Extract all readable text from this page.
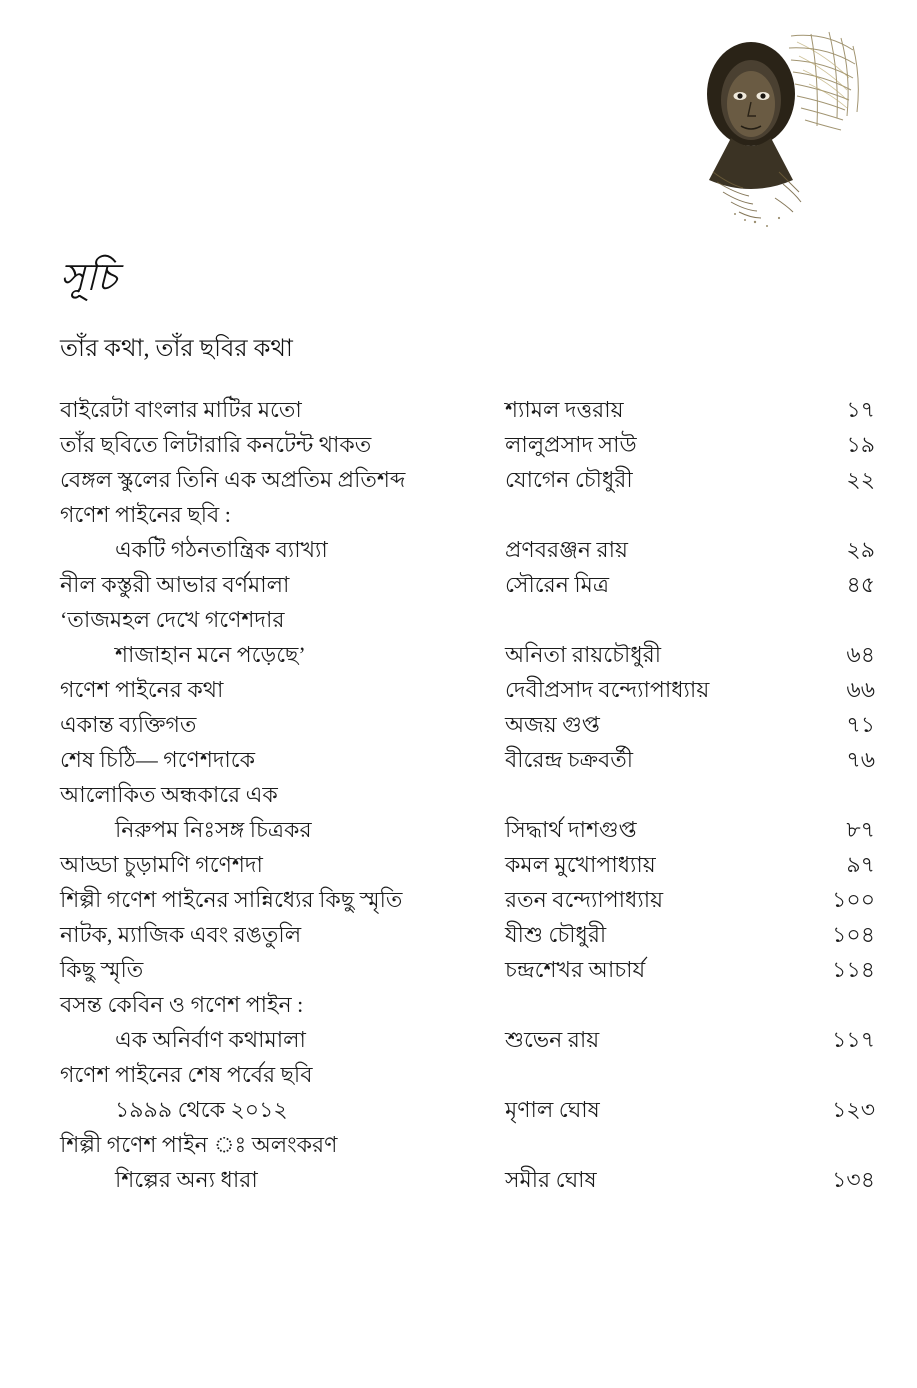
সূচি
তাঁর কথা, তাঁর ছবির কথা
বাইরেটা বাংলার মাটির মতো	শ্যামল দত্তরায়	১৭
তাঁর ছবিতে লিটারারি কনটেন্ট থাকত	লালুপ্রসাদ সাউ	১৯
বেঙ্গল স্কুলের তিনি এক অপ্রতিম প্রতিশব্দ	যোগেন চৌধুরী	২২
গণেশ পাইনের ছবি :
একটি গঠনতান্ত্রিক ব্যাখ্যা	প্রণবরঞ্জন রায়	২৯
নীল কস্তুরী আভার বর্ণমালা	সৌরেন মিত্র	৪৫
‘তাজমহল দেখে গণেশদার
শাজাহান মনে পড়েছে’	অনিতা রায়চৌধুরী	৬৪
গণেশ পাইনের কথা	দেবীপ্রসাদ বন্দ্যোপাধ্যায়	৬৬
একান্ত ব্যক্তিগত	অজয় গুপ্ত	৭১
শেষ চিঠি— গণেশদাকে	বীরেন্দ্র চক্রবর্তী	৭৬
আলোকিত অন্ধকারে এক
নিরুপম নিঃসঙ্গ চিত্রকর	সিদ্ধার্থ দাশগুপ্ত	৮৭
আড্ডা চুড়ামণি গণেশদা	কমল মুখোপাধ্যায়	৯৭
শিল্পী গণেশ পাইনের সান্নিধ্যের কিছু স্মৃতি	রতন বন্দ্যোপাধ্যায়	১০০
নাটক, ম্যাজিক এবং রঙতুলি	যীশু চৌধুরী	১০৪
কিছু স্মৃতি	চন্দ্রশেখর আচার্য	১১৪
বসন্ত কেবিন ও গণেশ পাইন :
এক অনির্বাণ কথামালা	শুভেন রায়	১১৭
গণেশ পাইনের শেষ পর্বের ছবি
১৯৯৯ থেকে ২০১২	মৃণাল ঘোষ	১২৩
শিল্পী গণেশ পাইন ঃ অলংকরণ
শিল্পের অন্য ধারা	সমীর ঘোষ	১৩৪
